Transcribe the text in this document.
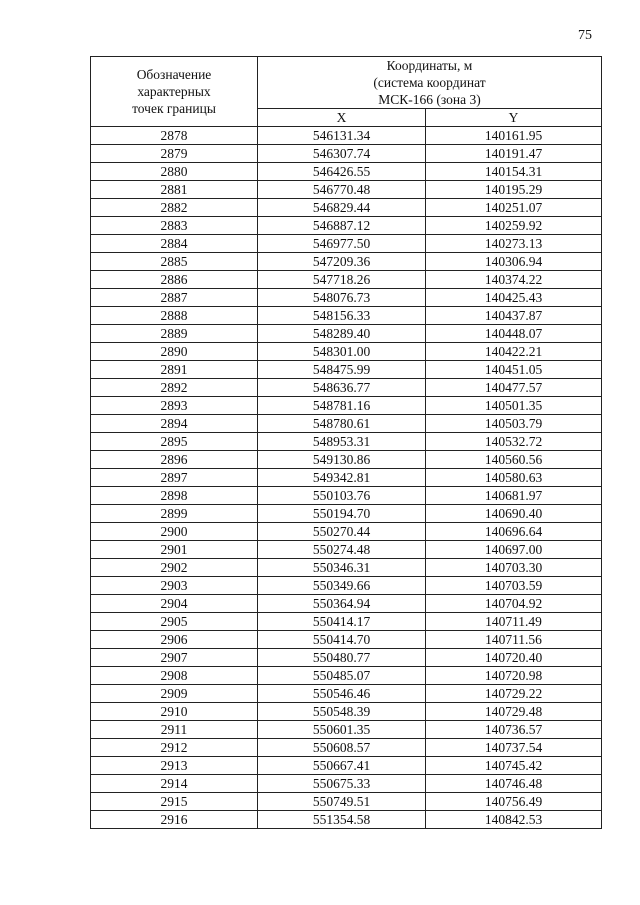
75
Обозначение
характерных
точек границы	Координаты, м
(система координат
МСК-166 (зона 3)	

	X	Y
2878	546131.34	140161.95
2879	546307.74	140191.47
2880	546426.55	140154.31
2881	546770.48	140195.29
2882	546829.44	140251.07
2883	546887.12	140259.92
2884	546977.50	140273.13
2885	547209.36	140306.94
2886	547718.26	140374.22
2887	548076.73	140425.43
2888	548156.33	140437.87
2889	548289.40	140448.07
2890	548301.00	140422.21
2891	548475.99	140451.05
2892	548636.77	140477.57
2893	548781.16	140501.35
2894	548780.61	140503.79
2895	548953.31	140532.72
2896	549130.86	140560.56
2897	549342.81	140580.63
2898	550103.76	140681.97
2899	550194.70	140690.40
2900	550270.44	140696.64
2901	550274.48	140697.00
2902	550346.31	140703.30
2903	550349.66	140703.59
2904	550364.94	140704.92
2905	550414.17	140711.49
2906	550414.70	140711.56
2907	550480.77	140720.40
2908	550485.07	140720.98
2909	550546.46	140729.22
2910	550548.39	140729.48
2911	550601.35	140736.57
2912	550608.57	140737.54
2913	550667.41	140745.42
2914	550675.33	140746.48
2915	550749.51	140756.49
2916	551354.58	140842.53
